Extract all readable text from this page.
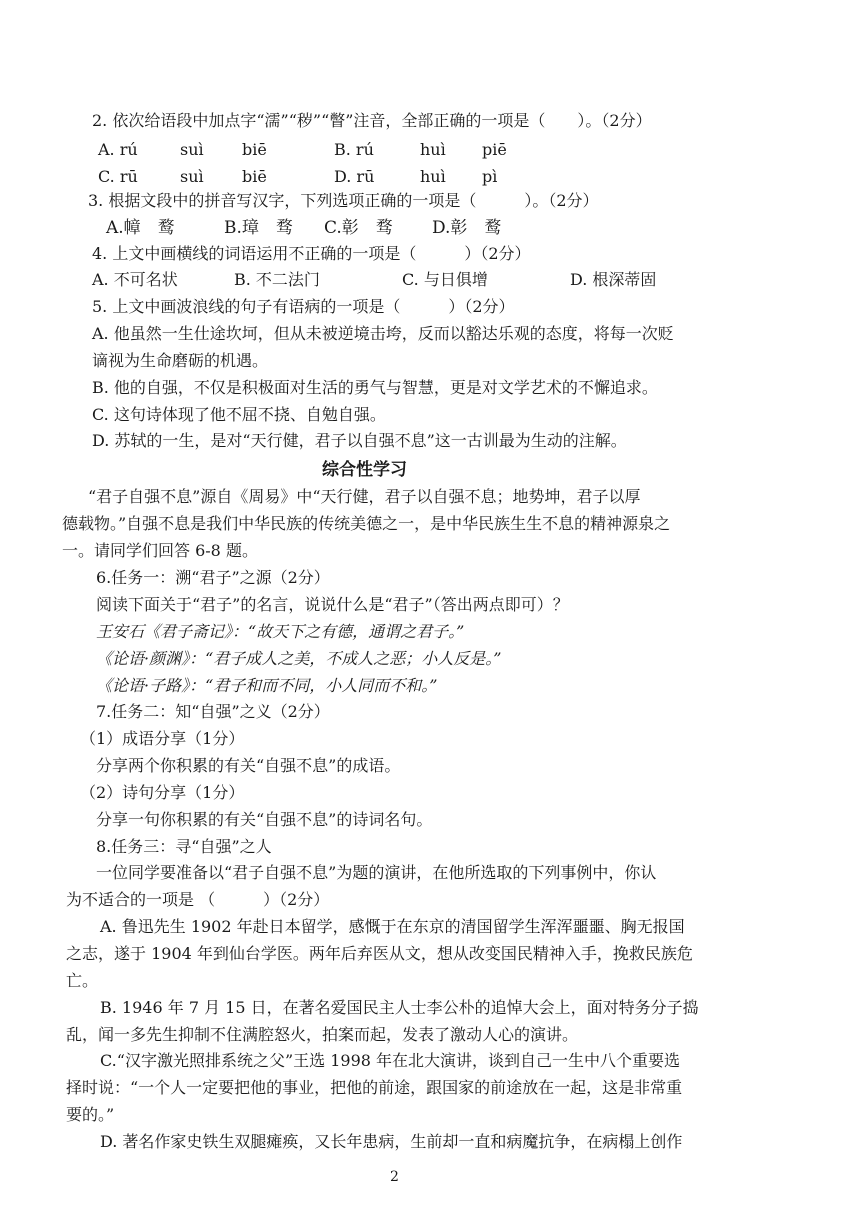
2. 依次给语段中加点字“濡”“秽”“瞥”注音，全部正确的一项是（　　）。（2分）
A. rú	suì	biē	B. rú	huì	piē
C. rū	suì	biē	D. rū	huì	pì
3. 根据文段中的拼音写汉字，下列选项正确的一项是（　　　）。（2分）
A.幛　鹜	B.璋　骛	C.彰　骛	D.彰　鹜
4. 上文中画横线的词语运用不正确的一项是（　　　）（2分）
A. 不可名状	B. 不二法门	C. 与日俱增	D. 根深蒂固
5. 上文中画波浪线的句子有语病的一项是（　　　）（2分）
A. 他虽然一生仕途坎坷，但从未被逆境击垮，反而以豁达乐观的态度，将每一次贬
谪视为生命磨砺的机遇。
B. 他的自强，不仅是积极面对生活的勇气与智慧，更是对文学艺术的不懈追求。
C. 这句诗体现了他不屈不挠、自勉自强。
D. 苏轼的一生，是对“天行健，君子以自强不息”这一古训最为生动的注解。
综合性学习
“君子自强不息”源自《周易》中“天行健，君子以自强不息；地势坤，君子以厚
德载物。”自强不息是我们中华民族的传统美德之一，是中华民族生生不息的精神源泉之
一。请同学们回答 6-8 题。
6.任务一：溯“君子”之源（2分）
阅读下面关于“君子”的名言，说说什么是“君子”（答出两点即可）？
王安石《君子斋记》：“故天下之有德，通谓之君子。”
《论语·颜渊》：“君子成人之美，不成人之恶；小人反是。”
《论语·子路》：“君子和而不同，小人同而不和。”
7.任务二：知“自强”之义（2分）
（1）成语分享（1分）
分享两个你积累的有关“自强不息”的成语。
（2）诗句分享（1分）
分享一句你积累的有关“自强不息”的诗词名句。
8.任务三：寻“自强”之人
一位同学要准备以“君子自强不息”为题的演讲，在他所选取的下列事例中，你认
为不适合的一项是 （　　　）（2分）
A. 鲁迅先生 1902 年赴日本留学，感慨于在东京的清国留学生浑浑噩噩、胸无报国
之志，遂于 1904 年到仙台学医。两年后弃医从文，想从改变国民精神入手，挽救民族危
亡。
B. 1946 年 7 月 15 日，在著名爱国民主人士李公朴的追悼大会上，面对特务分子捣
乱，闻一多先生抑制不住满腔怒火，拍案而起，发表了激动人心的演讲。
C.“汉字激光照排系统之父”王选 1998 年在北大演讲，谈到自己一生中八个重要选
择时说：“一个人一定要把他的事业，把他的前途，跟国家的前途放在一起，这是非常重
要的。”
D. 著名作家史铁生双腿瘫痪，又长年患病，生前却一直和病魔抗争，在病榻上创作
2
